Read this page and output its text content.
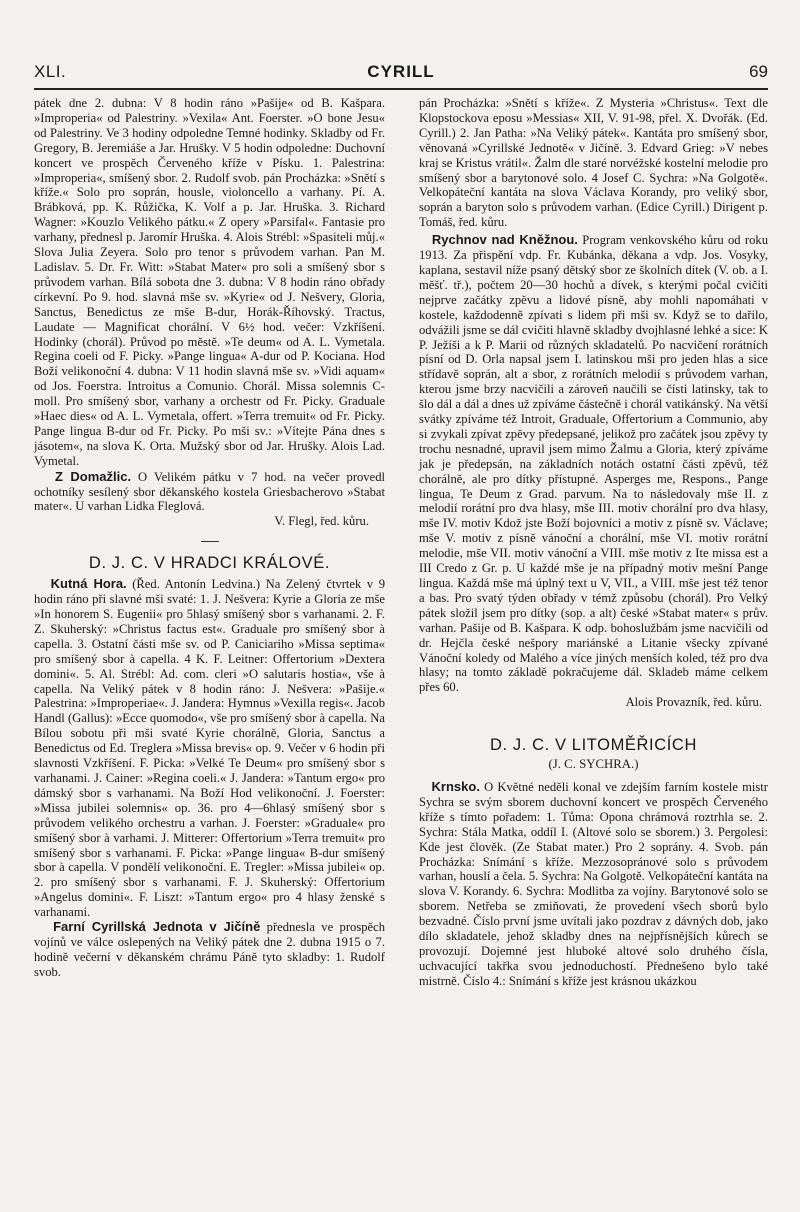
XLI.	CYRILL	69

pátek dne 2. dubna: V 8 hodin ráno »Pašije« od B. Kašpara. »Improperia« od Palestriny. »Vexila« Ant. Foerster. »O bone Jesu« od Palestriny. Ve 3 hodiny odpoledne Temné hodinky. Skladby od Fr. Gregory, B. Jeremiáše a Jar. Hrušky. V 5 hodin odpoledne: Duchovní koncert ve prospěch Červeného kříže v Písku. 1. Palestrina: »Improperia«, smíšený sbor. 2. Rudolf svob. pán Procházka: »Snětí s kříže.« Solo pro soprán, housle, violoncello a varhany. Pí. A. Brábková, pp. K. Růžička, K. Volf a p. Jar. Hruška. 3. Richard Wagner: »Kouzlo Velikého pátku.« Z opery »Parsifal«. Fantasie pro varhany, přednesl p. Jaromír Hruška. 4. Alois Strébl: »Spasiteli můj.« Slova Julia Zeyera. Solo pro tenor s průvodem varhan. Pan M. Ladislav. 5. Dr. Fr. Witt: »Stabat Mater« pro soli a smíšený sbor s průvodem varhan. Bílá sobota dne 3. dubna: V 8 hodin ráno obřady církevní. Po 9. hod. slavná mše sv. »Kyrie« od J. Nešvery, Gloria, Sanctus, Benedictus ze mše B-dur, Horák-Říhovský. Tractus, Laudate — Magnificat chorální. V 6½ hod. večer: Vzkříšení. Hodinky (chorál). Průvod po městě. »Te deum« od A. L. Vymetala. Regina coeli od F. Picky. »Pange lingua« A-dur od P. Kociana. Hod Boží velikonoční 4. dubna: V 11 hodin slavná mše sv. »Vidi aquam« od Jos. Foerstra. Introitus a Comunio. Chorál. Missa solemnis C-moll. Pro smíšený sbor, varhany a orchestr od Fr. Picky. Graduale »Haec dies« od A. L. Vymetala, offert. »Terra tremuit« od Fr. Picky. Pange lingua B-dur od Fr. Picky. Po mši sv.: »Vítejte Pána dnes s jásotem«, na slova K. Orta. Mužský sbor od Jar. Hrušky. Alois Lad. Vymetal.

Z Domažlic. O Velikém pátku v 7 hod. na večer provedl ochotníky sesílený sbor děkanského kostela Griesbacherovo »Stabat mater«. U varhan Lidka Fleglová.

V. Flegl, řed. kůru.
D. J. C. V HRADCI KRÁLOVÉ.

Kutná Hora. (Řed. Antonín Ledvina.) Na Zelený čtvrtek v 9 hodin ráno při slavné mši svaté: 1. J. Nešvera: Kyrie a Gloria ze mše »In honorem S. Eugenii« pro 5hlasý smíšený sbor s varhanami. 2. F. Z. Skuherský: »Christus factus est«. Graduale pro smíšený sbor à capella. 3. Ostatní části mše sv. od P. Caniciariho »Missa septima« pro smíšený sbor à capella. 4 K. F. Leitner: Offertorium »Dextera domini«. 5. Al. Strébl: Ad. com. cleri »O salutaris hostia«, vše à capella. Na Veliký pátek v 8 hodin ráno: J. Nešvera: »Pašije.« Palestrina: »Improperiae«. J. Jandera: Hymnus »Vexilla regis«. Jacob Handl (Gallus): »Ecce quomodo«, vše pro smíšený sbor à capella. Na Bílou sobotu při mši svaté Kyrie chorálně, Gloria, Sanctus a Benedictus od Ed. Treglera »Missa brevis« op. 9. Večer v 6 hodin při slavnosti Vzkříšení. F. Picka: »Velké Te Deum« pro smíšený sbor s varhanami. J. Cainer: »Regina coeli.« J. Jandera: »Tantum ergo« pro dámský sbor s varhanami. Na Boží Hod velikonoční. J. Foerster: »Missa jubilei solemnis« op. 36. pro 4—6hlasý smíšený sbor s průvodem velikého orchestru a varhan. J. Foerster: »Graduale« pro smíšený sbor à varhami. J. Mitterer: Offertorium »Terra tremuit« pro smíšený sbor s varhanami. F. Picka: »Pange lingua« B-dur smíšený sbor à capella. V pondělí velikonoční. E. Tregler: »Missa jubilei« op. 2. pro smíšený sbor s varhanami. F. J. Skuherský: Offertorium »Angelus domini«. F. Liszt: »Tantum ergo« pro 4 hlasy ženské s varhanami.

Farní Cyrillská Jednota v Jičíně přednesla ve prospěch vojínů ve válce oslepených na Veliký pátek dne 2. dubna 1915 o 7. hodině večerní v děkanském chrámu Páně tyto skladby: 1. Rudolf svob.

pán Procházka: »Snětí s kříže«. Z Mysteria »Christus«. Text dle Klopstockova eposu »Messias« XII, V. 91-98, přel. X. Dvořák. (Ed. Cyrill.) 2. Jan Patha: »Na Veliký pátek«. Kantáta pro smíšený sbor, věnovaná »Cyrillské Jednotě« v Jičíně. 3. Edvard Grieg: »V nebes kraj se Kristus vrátil«. Žalm dle staré norvéžské kostelní melodie pro smíšený sbor a barytonové solo. 4 Josef C. Sychra: »Na Golgotě«. Velkopáteční kantáta na slova Václava Korandy, pro veliký sbor, soprán a baryton solo s průvodem varhan. (Edice Cyrill.) Dirigent p. Tomáš, řed. kůru.

Rychnov nad Kněžnou. Program venkovského kůru od roku 1913. Za přispění vdp. Fr. Kubánka, děkana a vdp. Jos. Vosyky, kaplana, sestavil níže psaný dětský sbor ze školních dítek (V. ob. a I. měšť. tř.), počtem 20—30 hochů a dívek, s kterými počal cvičiti nejprve začátky zpěvu a lidové písně, aby mohli napomáhati v kostele, každodenně zpívati s lidem při mši sv. Když se to dařilo, odvážili jsme se dál cvičiti hlavně skladby dvojhlasné lehké a sice: K P. Ježíši a k P. Marii od různých skladatelů. Po nacvičení rorátních písní od D. Orla napsal jsem I. latinskou mši pro jeden hlas a sice střídavě soprán, alt a sbor, z rorátních melodií s průvodem varhan, kterou jsme brzy nacvičili a zároveň naučili se čísti latinsky, tak to šlo dál a dál a dnes už zpíváme částečně i chorál vatikánský. Na větší svátky zpíváme též Introit, Graduale, Offertorium a Communio, aby si zvykali zpívat zpěvy předepsané, jelikož pro začátek jsou zpěvy ty trochu nesnadné, upravil jsem mimo Žalmu a Gloria, který zpíváme jak je předepsán, na základních notách ostatní části zpěvů, též chorálně, ale pro dítky přístupné. Asperges me, Respons., Pange lingua, Te Deum z Grad. parvum. Na to následovaly mše II. z melodií rorátní pro dva hlasy, mše III. motiv chorální pro dva hlasy, mše IV. motiv Kdož jste Boží bojovníci a motiv z písně sv. Václave; mše V. motiv z písně vánoční a chorální, mše VI. motiv rorátní melodie, mše VII. motiv vánoční a VIII. mše motiv z Ite missa est a III Credo z Gr. p. U každé mše je na případný motiv mešní Pange lingua. Každá mše má úplný text u V, VII., a VIII. mše jest též tenor a bas. Pro svatý týden obřady v témž způsobu (chorál). Pro Velký pátek složil jsem pro dítky (sop. a alt) české »Stabat mater« s prův. varhan. Pašije od B. Kašpara. K odp. bohoslužbám jsme nacvičili od dr. Hejčla české nešpory mariánské a Litanie všecky zpívané Vánoční koledy od Malého a více jiných menších koled, též pro dva hlasy; na tomto základě pokračujeme dál. Skladeb máme celkem přes 60.

Alois Provazník, řed. kůru.
D. J. C. V LITOMĚŘICÍCH
(J. C. SYCHRA.)

Krnsko. O Květné neděli konal ve zdejším farním kostele mistr Sychra se svým sborem duchovní koncert ve prospěch Červeného kříže s tímto pořadem: 1. Tůma: Opona chrámová roztrhla se. 2. Sychra: Stála Matka, oddíl I. (Altové solo se sborem.) 3. Pergolesi: Kde jest člověk. (Ze Stabat mater.) Pro 2 soprány. 4. Svob. pán Procházka: Snímání s kříže. Mezzosopránové solo s průvodem varhan, houslí a čela. 5. Sychra: Na Golgotě. Velkopáteční kantáta na slova V. Korandy. 6. Sychra: Modlitba za vojíny. Barytonové solo se sborem. Netřeba se zmiňovati, že provedení všech sborů bylo bezvadné. Číslo první jsme uvítali jako pozdrav z dávných dob, jako dílo skladatele, jehož skladby dnes na nejpřísnějších kůrech se provozují. Dojemné jest hluboké altové solo druhého čísla, uchvacující takřka svou jednoduchostí. Přednešeno bylo také mistrně. Číslo 4.: Snímání s kříže jest krásnou ukázkou
